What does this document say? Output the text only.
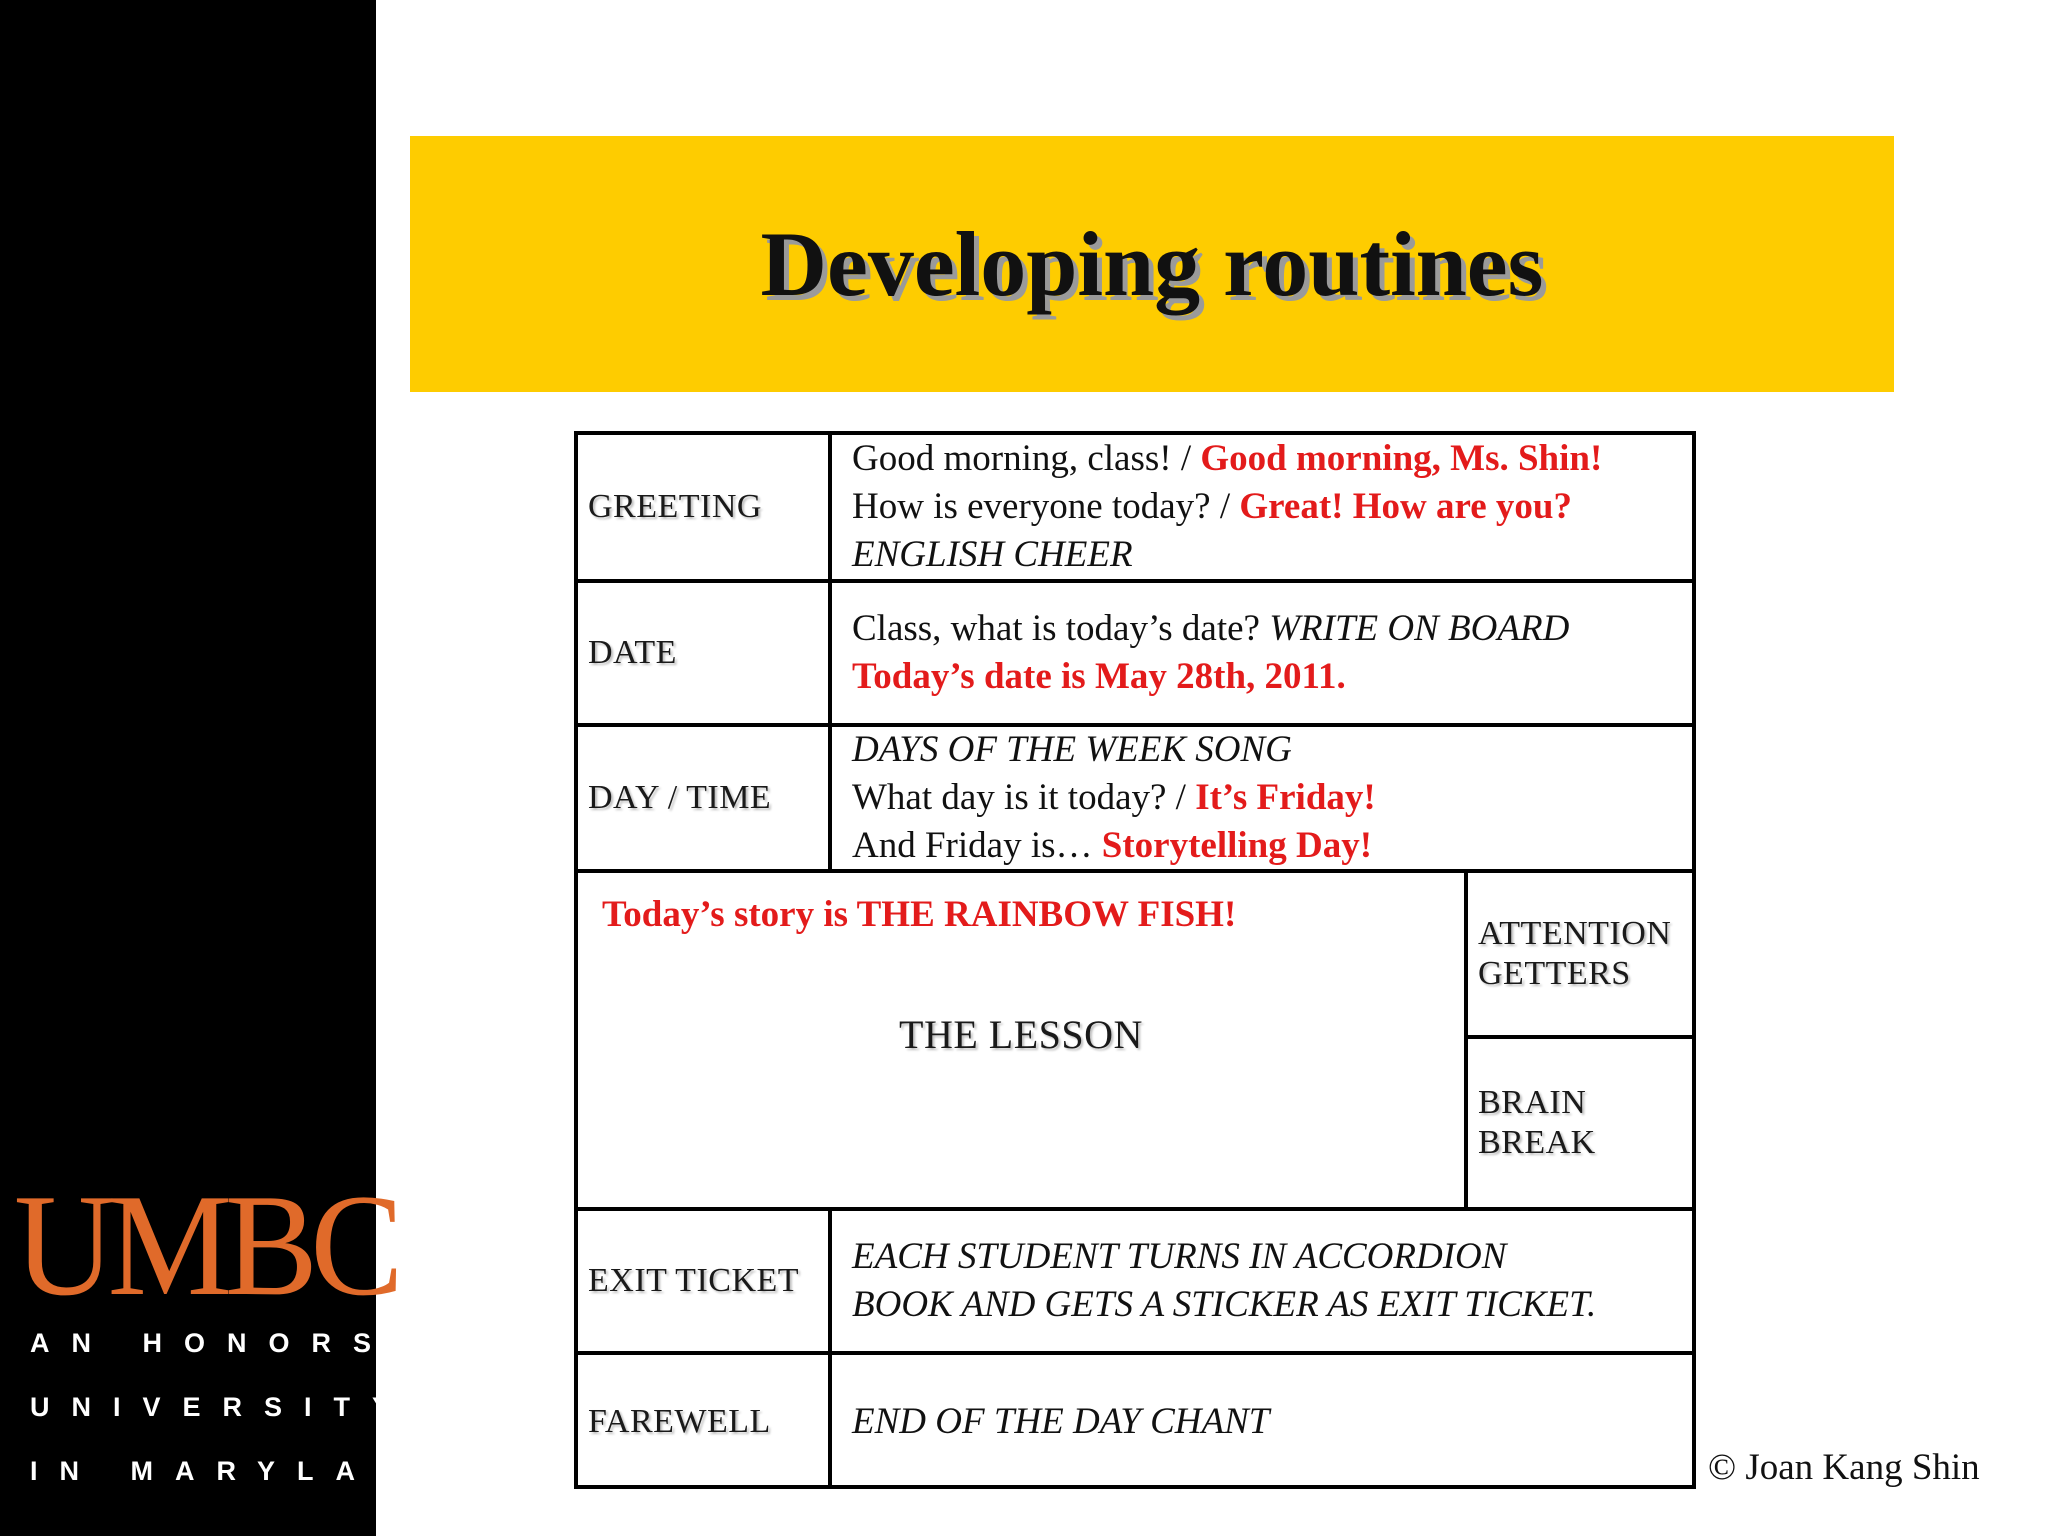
UMBC
AN HONORS
UNIVERSITY
IN MARYLAND
Developing routines
GREETING
Good morning, class! / Good morning, Ms. Shin!
How is everyone today? / Great! How are you?
ENGLISH CHEER
DATE
Class, what is today’s date? WRITE ON BOARD
Today’s date is May 28th, 2011.
DAY / TIME
DAYS OF THE WEEK SONG
What day is it today? / It’s Friday!
And Friday is… Storytelling Day!
Today’s story is THE RAINBOW FISH!
THE LESSON
ATTENTION
GETTERS
BRAIN
BREAK
EXIT TICKET
EACH STUDENT TURNS IN ACCORDION
BOOK AND GETS A STICKER AS EXIT TICKET.
FAREWELL END OF THE DAY CHANT
© Joan Kang Shin
